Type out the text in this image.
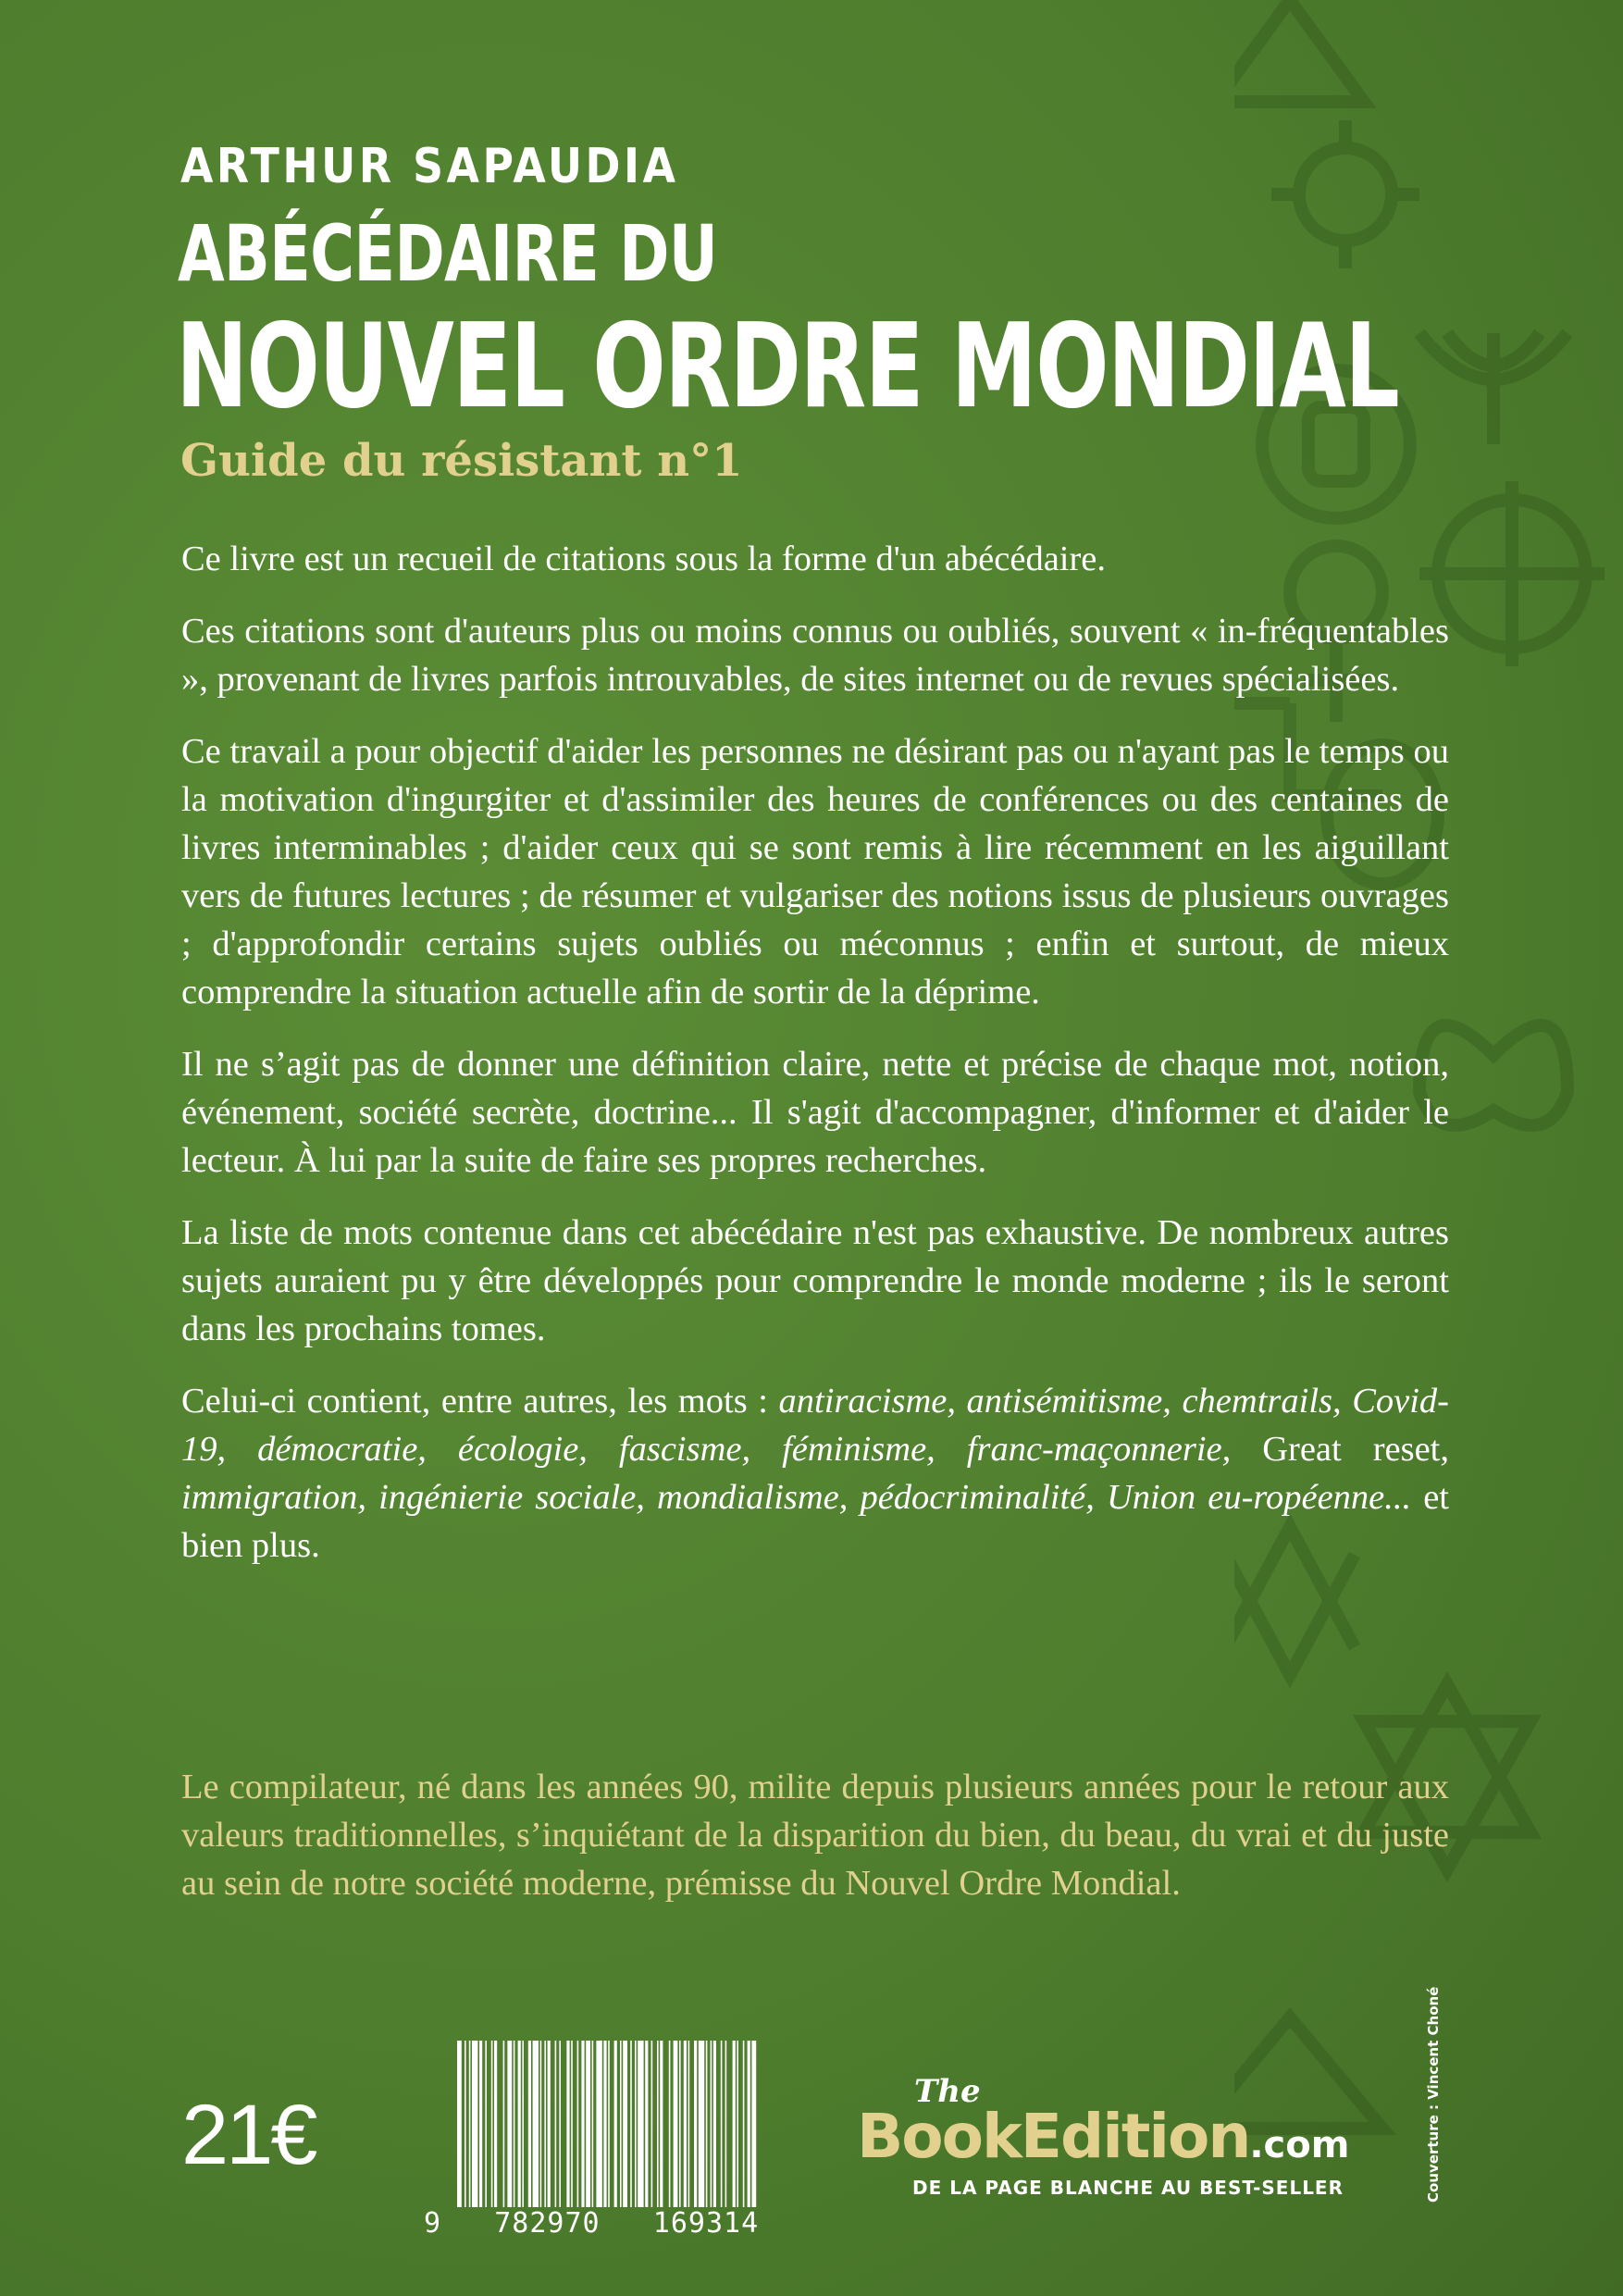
ARTHUR SAPAUDIA
ABÉCÉDAIRE DU
NOUVEL ORDRE MONDIAL
Guide du résistant n°1

Ce livre est un recueil de citations sous la forme d'un abécédaire.

Ces citations sont d'auteurs plus ou moins connus ou oubliés, souvent « in-fréquentables », provenant de livres parfois introuvables, de sites internet ou de revues spécialisées.

Ce travail a pour objectif d'aider les personnes ne désirant pas ou n'ayant pas le temps ou la motivation d'ingurgiter et d'assimiler des heures de conférences ou des centaines de livres interminables ; d'aider ceux qui se sont remis à lire récemment en les aiguillant vers de futures lectures ; de résumer et vulgariser des notions issus de plusieurs ouvrages ; d'approfondir certains sujets oubliés ou méconnus ; enfin et surtout, de mieux comprendre la situation actuelle afin de sortir de la déprime.

Il ne s’agit pas de donner une définition claire, nette et précise de chaque mot, notion, événement, société secrète, doctrine... Il s'agit d'accompagner, d'informer et d'aider le lecteur. À lui par la suite de faire ses propres recherches.

La liste de mots contenue dans cet abécédaire n'est pas exhaustive. De nombreux autres sujets auraient pu y être développés pour comprendre le monde moderne ; ils le seront dans les prochains tomes.

Celui-ci contient, entre autres, les mots : antiracisme, antisémitisme, chemtrails, Covid-19, démocratie, écologie, fascisme, féminisme, franc-maçonnerie, Great reset, immigration, ingénierie sociale, mondialisme, pédocriminalité, Union eu-ropéenne... et bien plus.

Le compilateur, né dans les années 90, milite depuis plusieurs années pour le retour aux valeurs traditionnelles, s’inquiétant de la disparition du bien, du beau, du vrai et du juste au sein de notre société moderne, prémisse du Nouvel Ordre Mondial.

21€
9   782970   169314
The
BookEdition.com
DE LA PAGE BLANCHE AU BEST-SELLER	Couverture : Vincent Choné
